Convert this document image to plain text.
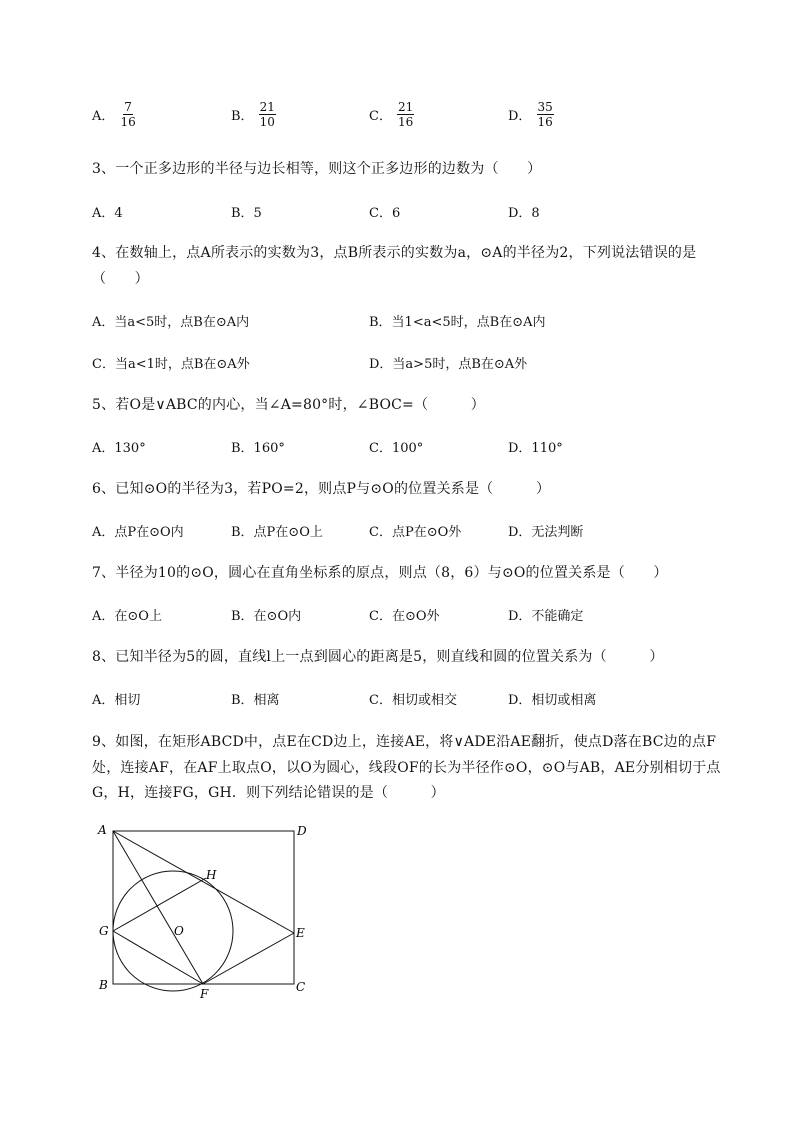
A． $\frac{7}{16}$	B． $\frac{21}{10}$	C． $\frac{21}{16}$	D． $\frac{35}{16}$
3、一个正多边形的半径与边长相等，则这个正多边形的边数为（　　）
A．4	B．5	C．6	D．8
4、在数轴上，点A所表示的实数为3，点B所表示的实数为a，⊙A的半径为2，下列说法错误的是
（　　）
A．当a<5时，点B在⊙A内	B．当1<a<5时，点B在⊙A内
C．当a<1时，点B在⊙A外	D．当a>5时，点B在⊙A外
5、若O是∨ABC的内心，当∠A=80°时，∠BOC=（　　　）
A．130°	B．160°	C．100°	D．110°
6、已知⊙O的半径为3，若PO=2，则点P与⊙O的位置关系是（　　　）
A．点P在⊙O内	B．点P在⊙O上	C．点P在⊙O外	D．无法判断
7、半径为10的⊙O，圆心在直角坐标系的原点，则点（8，6）与⊙O的位置关系是（　　）
A．在⊙O上	B．在⊙O内	C．在⊙O外	D．不能确定
8、已知半径为5的圆，直线l上一点到圆心的距离是5，则直线和圆的位置关系为（　　　）
A．相切	B．相离	C．相切或相交	D．相切或相离
9、如图，在矩形ABCD中，点E在CD边上，连接AE，将∨ADE沿AE翻折，使点D落在BC边的点F
处，连接AF，在AF上取点O，以O为圆心，线段OF的长为半径作⊙O，⊙O与AB，AE分别相切于点
G，H，连接FG，GH．则下列结论错误的是（　　　）
A	D
H
G	O	E
B
F	C
